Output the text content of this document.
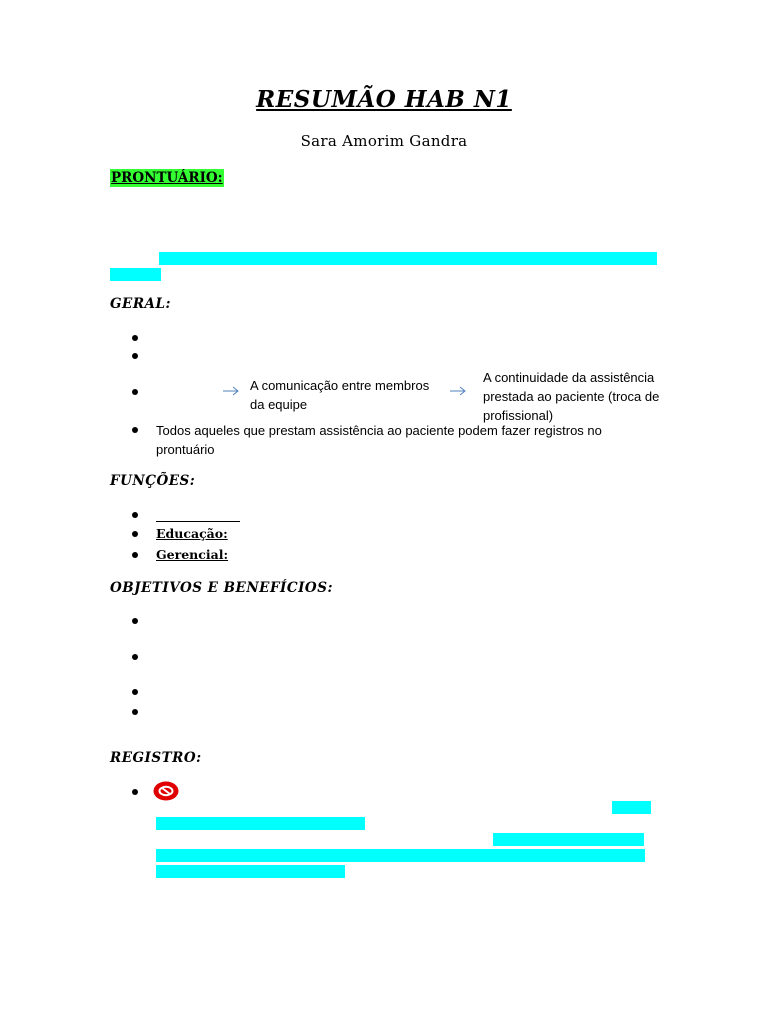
RESUMÃO HAB N1
Sara Amorim Gandra
PRONTUÁRIO:
GERAL:
A comunicação entre membros da equipe
A continuidade da assistência prestada ao paciente (troca de profissional)
Todos aqueles que prestam assistência ao paciente podem fazer registros no prontuário
FUNÇÕES:
Educação:
Gerencial:
OBJETIVOS E BENEFÍCIOS:
REGISTRO:
